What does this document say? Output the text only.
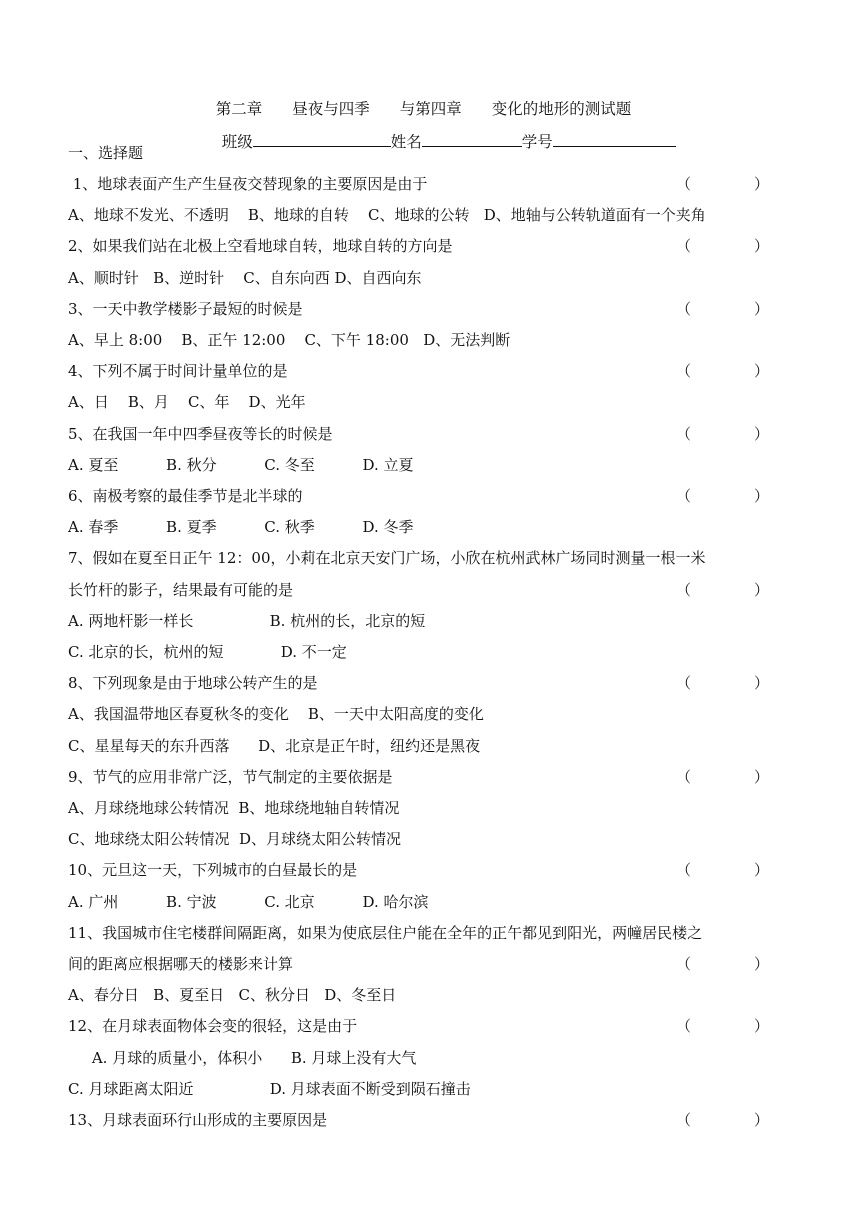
第二章 昼夜与四季 与第四章 变化的地形的测试题

班级	姓名	学号

一、选择题
1、地球表面产生产生昼夜交替现象的主要原因是由于	（	）
A、地球不发光、不透明    B、地球的自转    C、地球的公转   D、地轴与公转轨道面有一个夹角
2、如果我们站在北极上空看地球自转，地球自转的方向是	（	）
A、顺时针   B、逆时针    C、自东向西 D、自西向东
3、一天中教学楼影子最短的时候是	（	）
A、早上 8:00    B、正午 12:00    C、下午 18:00   D、无法判断
4、下列不属于时间计量单位的是	（	）
A、日    B、月    C、年    D、光年
5、在我国一年中四季昼夜等长的时候是	（	）
A. 夏至          B. 秋分          C. 冬至          D. 立夏
6、南极考察的最佳季节是北半球的	（	）
A. 春季          B. 夏季          C. 秋季          D. 冬季
7、假如在夏至日正午 12：00，小莉在北京天安门广场，小欣在杭州武林广场同时测量一根一米
长竹杆的影子，结果最有可能的是	（	）
A. 两地杆影一样长                B. 杭州的长，北京的短
C. 北京的长，杭州的短            D. 不一定
8、下列现象是由于地球公转产生的是	（	）
A、我国温带地区春夏秋冬的变化    B、一天中太阳高度的变化
C、星星每天的东升西落      D、北京是正午时，纽约还是黑夜
9、节气的应用非常广泛，节气制定的主要依据是	（	）
A、月球绕地球公转情况  B、地球绕地轴自转情况
C、地球绕太阳公转情况  D、月球绕太阳公转情况
10、元旦这一天，下列城市的白昼最长的是	（	）
A. 广州          B. 宁波          C. 北京          D. 哈尔滨
11、我国城市住宅楼群间隔距离，如果为使底层住户能在全年的正午都见到阳光，两幢居民楼之
间的距离应根据哪天的楼影来计算	（	）
A、春分日   B、夏至日   C、秋分日   D、冬至日
12、在月球表面物体会变的很轻，这是由于	（	）
A. 月球的质量小，体积小      B. 月球上没有大气
C. 月球距离太阳近                D. 月球表面不断受到陨石撞击
13、月球表面环行山形成的主要原因是	（	）
